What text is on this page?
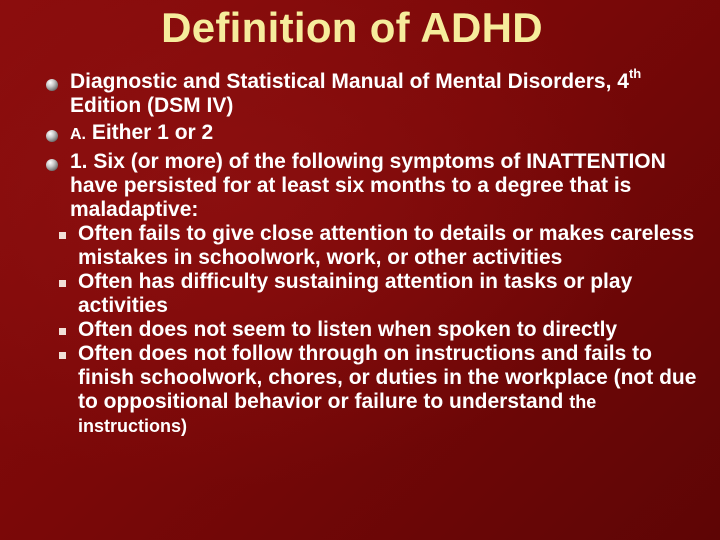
Definition of ADHD
Diagnostic and Statistical Manual of Mental Disorders, 4th Edition (DSM IV)
A. Either 1 or 2
1. Six (or more) of the following symptoms of INATTENTION have persisted for at least six months to a degree that is maladaptive:
Often fails to give close attention to details or makes careless mistakes in schoolwork, work, or other activities
Often has difficulty sustaining attention in tasks or play activities
Often does not seem to listen when spoken to directly
Often does not follow through on instructions and fails to finish schoolwork, chores, or duties in the workplace (not due to oppositional behavior or failure to understand the instructions)
